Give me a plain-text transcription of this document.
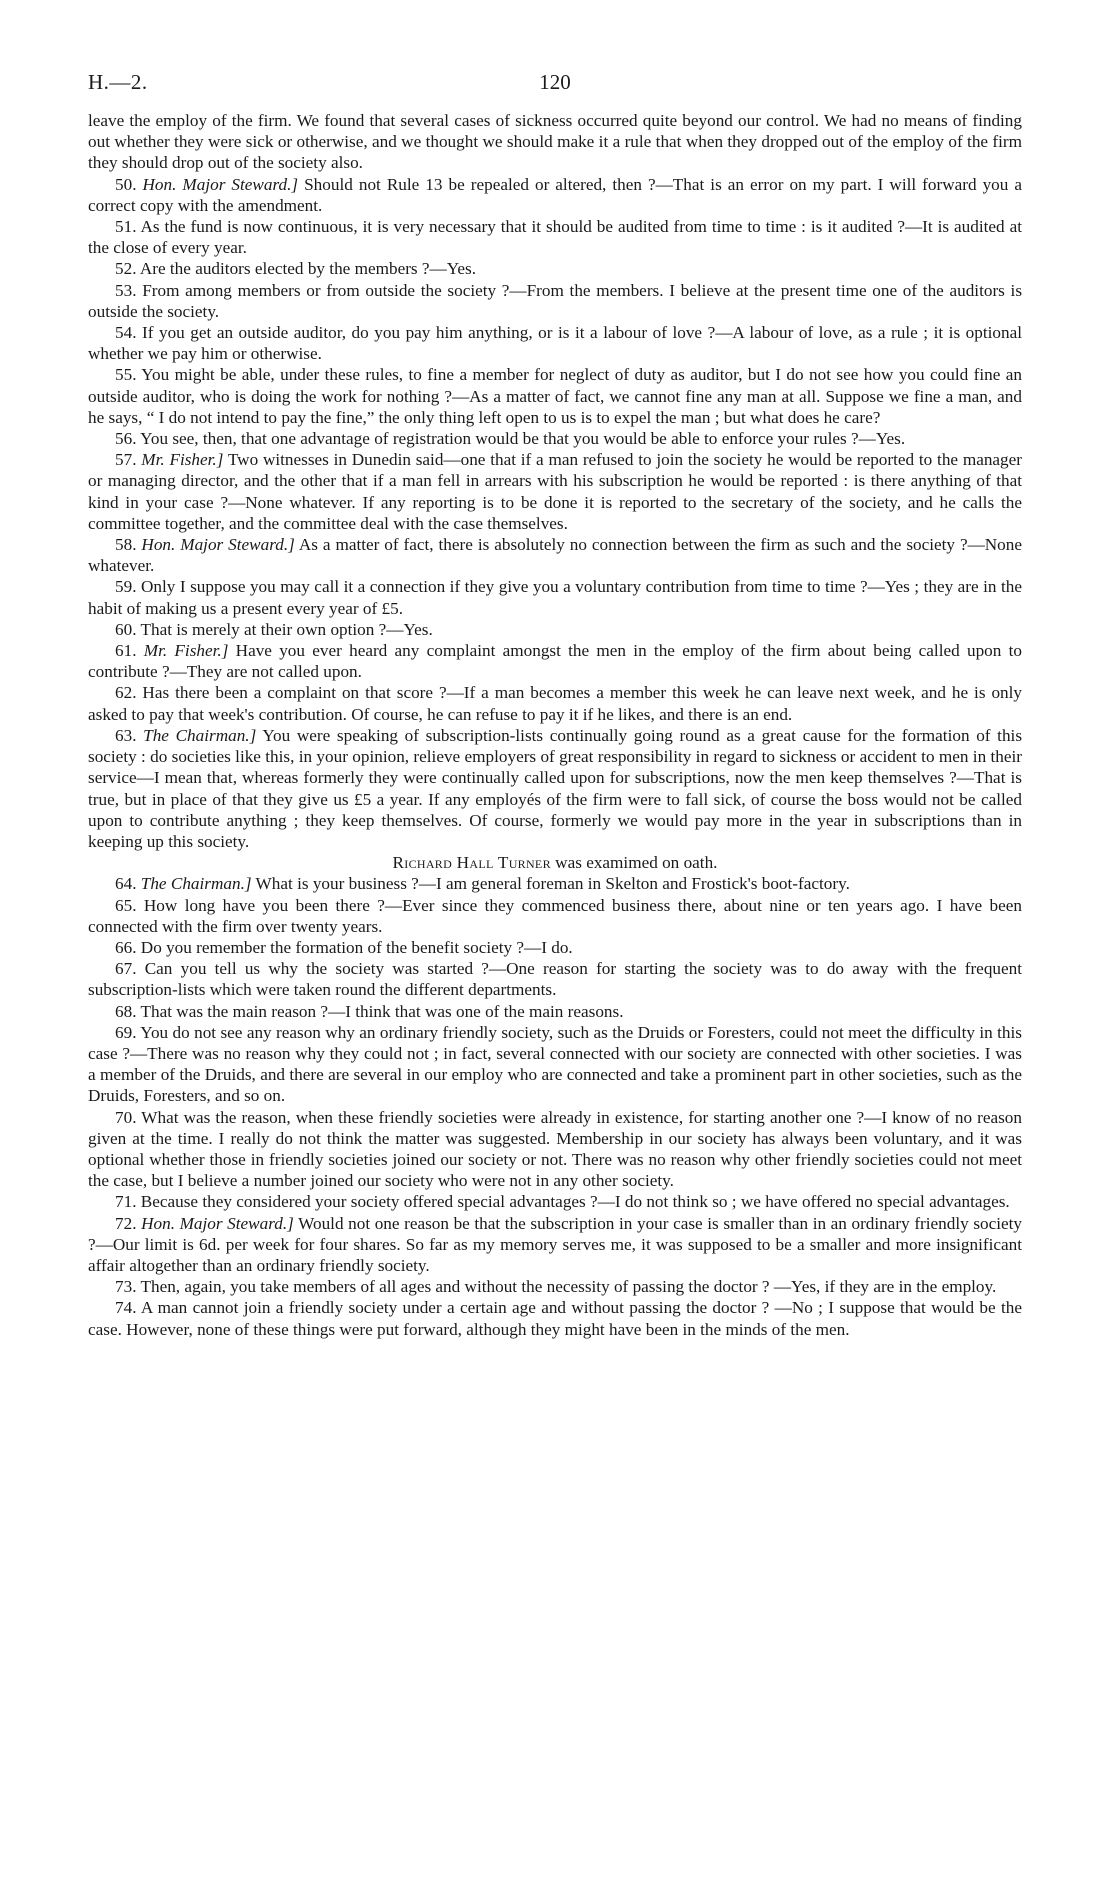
H.—2.	120

leave the employ of the firm. We found that several cases of sickness occurred quite beyond our control. We had no means of finding out whether they were sick or otherwise, and we thought we should make it a rule that when they dropped out of the employ of the firm they should drop out of the society also.

50. Hon. Major Steward.] Should not Rule 13 be repealed or altered, then ?—That is an error on my part. I will forward you a correct copy with the amendment.

51. As the fund is now continuous, it is very necessary that it should be audited from time to time : is it audited ?—It is audited at the close of every year.

52. Are the auditors elected by the members ?—Yes.

53. From among members or from outside the society ?—From the members. I believe at the present time one of the auditors is outside the society.

54. If you get an outside auditor, do you pay him anything, or is it a labour of love ?—A labour of love, as a rule ; it is optional whether we pay him or otherwise.

55. You might be able, under these rules, to fine a member for neglect of duty as auditor, but I do not see how you could fine an outside auditor, who is doing the work for nothing ?—As a matter of fact, we cannot fine any man at all. Suppose we fine a man, and he says, “ I do not intend to pay the fine,” the only thing left open to us is to expel the man ; but what does he care?

56. You see, then, that one advantage of registration would be that you would be able to enforce your rules ?—Yes.

57. Mr. Fisher.] Two witnesses in Dunedin said—one that if a man refused to join the society he would be reported to the manager or managing director, and the other that if a man fell in arrears with his subscription he would be reported : is there anything of that kind in your case ?—None whatever. If any reporting is to be done it is reported to the secretary of the society, and he calls the committee together, and the committee deal with the case themselves.

58. Hon. Major Steward.] As a matter of fact, there is absolutely no connection between the firm as such and the society ?—None whatever.

59. Only I suppose you may call it a connection if they give you a voluntary contribution from time to time ?—Yes ; they are in the habit of making us a present every year of £5.

60. That is merely at their own option ?—Yes.

61. Mr. Fisher.] Have you ever heard any complaint amongst the men in the employ of the firm about being called upon to contribute ?—They are not called upon.

62. Has there been a complaint on that score ?—If a man becomes a member this week he can leave next week, and he is only asked to pay that week's contribution. Of course, he can refuse to pay it if he likes, and there is an end.

63. The Chairman.] You were speaking of subscription-lists continually going round as a great cause for the formation of this society : do societies like this, in your opinion, relieve employers of great responsibility in regard to sickness or accident to men in their service—I mean that, whereas formerly they were continually called upon for subscriptions, now the men keep themselves ?—That is true, but in place of that they give us £5 a year. If any employés of the firm were to fall sick, of course the boss would not be called upon to contribute anything ; they keep themselves. Of course, formerly we would pay more in the year in subscriptions than in keeping up this society.

Richard Hall Turner was examimed on oath.

64. The Chairman.] What is your business ?—I am general foreman in Skelton and Frostick's boot-factory.

65. How long have you been there ?—Ever since they commenced business there, about nine or ten years ago. I have been connected with the firm over twenty years.

66. Do you remember the formation of the benefit society ?—I do.

67. Can you tell us why the society was started ?—One reason for starting the society was to do away with the frequent subscription-lists which were taken round the different departments.

68. That was the main reason ?—I think that was one of the main reasons.

69. You do not see any reason why an ordinary friendly society, such as the Druids or Foresters, could not meet the difficulty in this case ?—There was no reason why they could not ; in fact, several connected with our society are connected with other societies. I was a member of the Druids, and there are several in our employ who are connected and take a prominent part in other societies, such as the Druids, Foresters, and so on.

70. What was the reason, when these friendly societies were already in existence, for starting another one ?—I know of no reason given at the time. I really do not think the matter was suggested. Membership in our society has always been voluntary, and it was optional whether those in friendly societies joined our society or not. There was no reason why other friendly societies could not meet the case, but I believe a number joined our society who were not in any other society.

71. Because they considered your society offered special advantages ?—I do not think so ; we have offered no special advantages.

72. Hon. Major Steward.] Would not one reason be that the subscription in your case is smaller than in an ordinary friendly society ?—Our limit is 6d. per week for four shares. So far as my memory serves me, it was supposed to be a smaller and more insignificant affair altogether than an ordinary friendly society.

73. Then, again, you take members of all ages and without the necessity of passing the doctor ? —Yes, if they are in the employ.

74. A man cannot join a friendly society under a certain age and without passing the doctor ? —No ; I suppose that would be the case. However, none of these things were put forward, although they might have been in the minds of the men.
